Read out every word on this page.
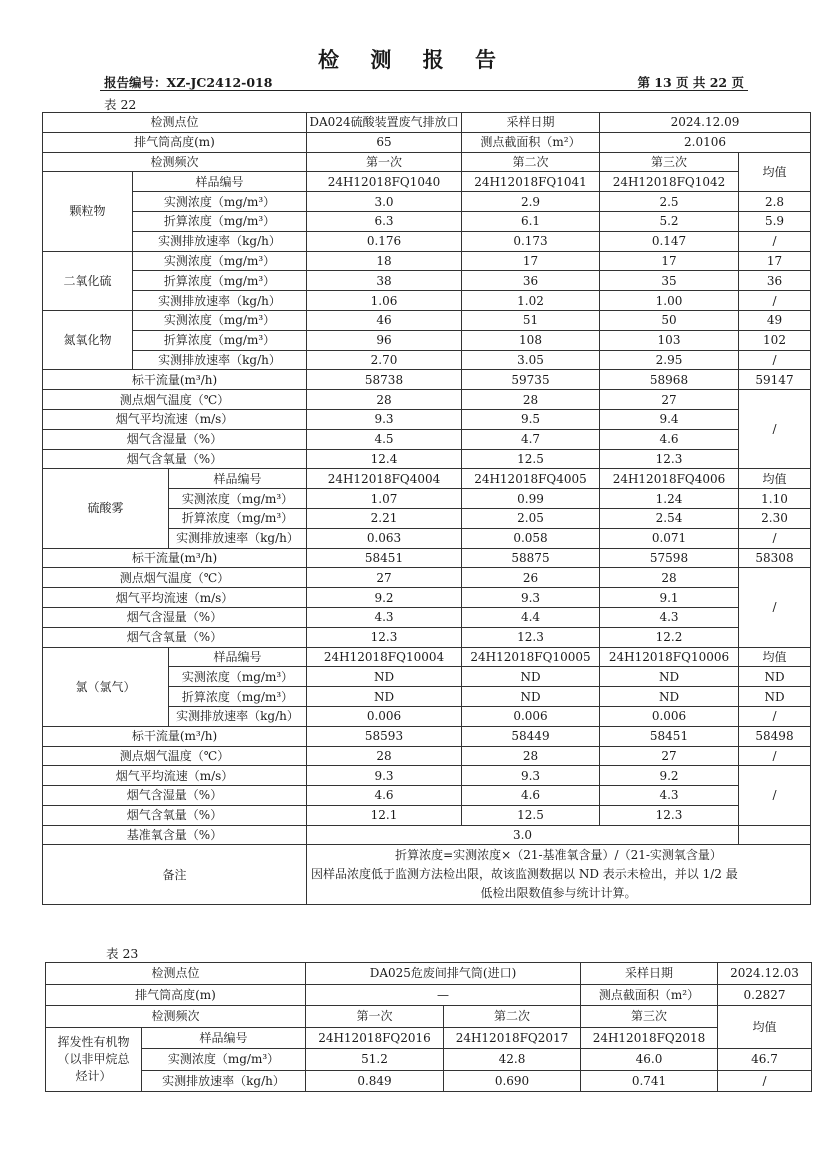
检 测 报 告
报告编号：XZ-JC2412-018	第 13 页 共 22 页
表 22
检测点位			DA024硫酸装置废气排放口	采样日期	2024.12.09	
排气筒高度(m)			65	测点截面积（m²）	2.0106	
检测频次			第一次	第二次	第三次	均值
颗粒物	样品编号		24H12018FQ1040	24H12018FQ1041	24H12018FQ1042	
	实测浓度（mg/m³）		3.0	2.9	2.5	2.8
	折算浓度（mg/m³）		6.3	6.1	5.2	5.9
	实测排放速率（kg/h）		0.176	0.173	0.147	/
二氧化硫	实测浓度（mg/m³）		18	17	17	17
	折算浓度（mg/m³）		38	36	35	36
	实测排放速率（kg/h）		1.06	1.02	1.00	/
氮氧化物	实测浓度（mg/m³）		46	51	50	49
	折算浓度（mg/m³）		96	108	103	102
	实测排放速率（kg/h）		2.70	3.05	2.95	/
标干流量(m³/h)			58738	59735	58968	59147
测点烟气温度（℃）			28	28	27	/
烟气平均流速（m/s）			9.3	9.5	9.4	
烟气含湿量（%）			4.5	4.7	4.6	
烟气含氧量（%）			12.4	12.5	12.3	
硫酸雾		样品编号	24H12018FQ4004	24H12018FQ4005	24H12018FQ4006	均值
		实测浓度（mg/m³）	1.07	0.99	1.24	1.10
		折算浓度（mg/m³）	2.21	2.05	2.54	2.30
		实测排放速率（kg/h）	0.063	0.058	0.071	/
标干流量(m³/h)			58451	58875	57598	58308
测点烟气温度（℃）			27	26	28	/
烟气平均流速（m/s）			9.2	9.3	9.1	
烟气含湿量（%）			4.3	4.4	4.3	
烟气含氧量（%）			12.3	12.3	12.2	
氯（氯气）		样品编号	24H12018FQ10004	24H12018FQ10005	24H12018FQ10006	均值
		实测浓度（mg/m³）	ND	ND	ND	ND
		折算浓度（mg/m³）	ND	ND	ND	ND
		实测排放速率（kg/h）	0.006	0.006	0.006	/
标干流量(m³/h)			58593	58449	58451	58498
测点烟气温度（℃）			28	28	27	/
烟气平均流速（m/s）			9.3	9.3	9.2	/
烟气含湿量（%）			4.6	4.6	4.3	
烟气含氧量（%）			12.1	12.5	12.3	
基准氧含量（%）			3.0			
备注			折算浓度=实测浓度×（21-基准氧含量）/（21-实测氧含量）
因样品浓度低于监测方法检出限，故该监测数据以 ND 表示未检出，并以 1/2 最
低检出限数值参与统计计算。			
表 23
检测点位		DA025危废间排气筒(进口)		采样日期	2024.12.03
排气筒高度(m)		—		测点截面积（m²）	0.2827
检测频次		第一次	第二次	第三次	均值

挥发性有机物
（以非甲烷总
烃计）	样品编号	24H12018FQ2016	24H12018FQ2017	24H12018FQ2018	
	实测浓度（mg/m³）	51.2	42.8	46.0	46.7
	实测排放速率（kg/h）	0.849	0.690	0.741	/
